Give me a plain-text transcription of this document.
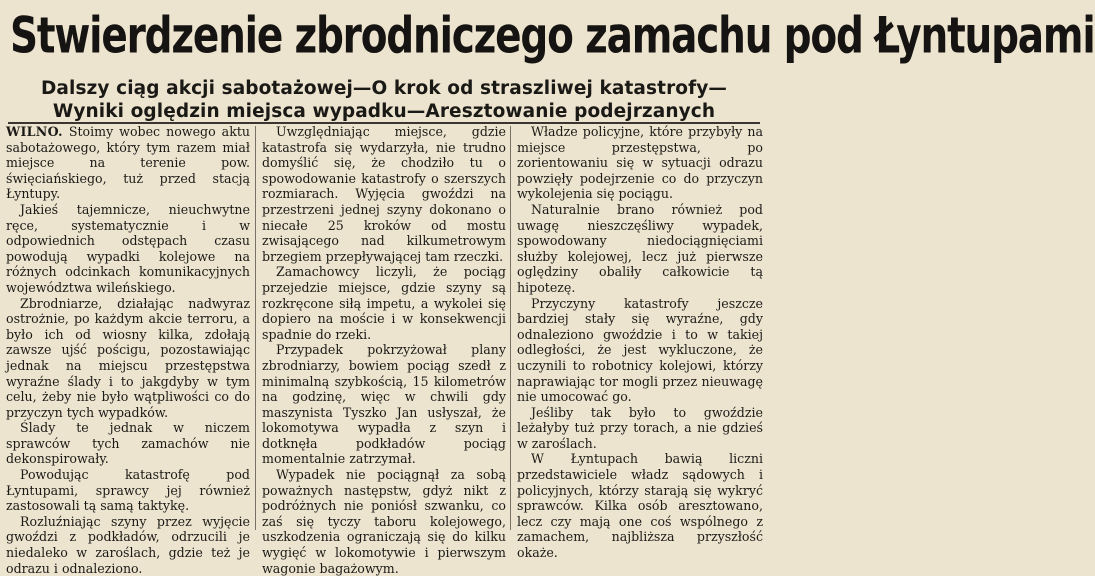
Stwierdzenie zbrodniczego zamachu pod Łyntupami
Dalszy ciąg akcji sabotażowej—O krok od straszliwej katastrofy—
Wyniki oględzin miejsca wypadku—Aresztowanie podejrzanych

WILNO. Stoimy wobec nowego aktu sabotażowego, który tym razem miał miejsce na terenie pow. święciańskiego, tuż przed stacją Łyntupy.

Jakieś tajemnicze, nieuchwytne ręce, systematycznie i w odpowiednich odstępach czasu powodują wypadki kolejowe na różnych odcinkach komunikacyjnych województwa wileńskiego.

Zbrodniarze, działając nadwyraz ostrożnie, po każdym akcie terroru, a było ich od wiosny kilka, zdołają zawsze ujść pościgu, pozostawiając jednak na miejscu przestępstwa wyraźne ślady i to jakgdyby w tym celu, żeby nie było wątpliwości co do przyczyn tych wypadków.

Ślady te jednak w niczem sprawców tych zamachów nie dekonspirowały.

Powodując katastrofę pod Łyntupami, sprawcy jej również zastosowali tą samą taktykę.

Rozluźniając szyny przez wyjęcie gwoździ z podkładów, odrzucili je niedaleko w zaroślach, gdzie też je odrazu i odnaleziono.

Uwzględniając miejsce, gdzie katastrofa się wydarzyła, nie trudno domyślić się, że chodziło tu o spowodowanie katastrofy o szerszych rozmiarach. Wyjęcia gwoździ na przestrzeni jednej szyny dokonano o niecałe 25 kroków od mostu zwisającego nad kilkumetrowym brzegiem przepływającej tam rzeczki.

Zamachowcy liczyli, że pociąg przejedzie miejsce, gdzie szyny są rozkręcone siłą impetu, a wykolei się dopiero na moście i w konsekwencji spadnie do rzeki.

Przypadek pokrzyżował plany zbrodniarzy, bowiem pociąg szedł z minimalną szybkością, 15 kilometrów na godzinę, więc w chwili gdy maszynista Tyszko Jan usłyszał, że lokomotywa wypadła z szyn i dotknęła podkładów pociąg momentalnie zatrzymał.

Wypadek nie pociągnął za sobą poważnych następstw, gdyż nikt z podróżnych nie poniósł szwanku, co zaś się tyczy taboru kolejowego, uszkodzenia ograniczają się do kilku wygięć w lokomotywie i pierwszym wagonie bagażowym.

Władze policyjne, które przybyły na miejsce przestępstwa, po zorientowaniu się w sytuacji odrazu powzięły podejrzenie co do przyczyn wykolejenia się pociągu.

Naturalnie brano również pod uwagę nieszczęśliwy wypadek, spowodowany niedociągnięciami służby kolejowej, lecz już pierwsze oględziny obaliły całkowicie tą hipotezę.

Przyczyny katastrofy jeszcze bardziej stały się wyraźne, gdy odnaleziono gwoździe i to w takiej odległości, że jest wykluczone, że uczynili to robotnicy kolejowi, którzy naprawiając tor mogli przez nieuwagę nie umocować go.

Jeśliby tak było to gwoździe leżałyby tuż przy torach, a nie gdzieś w zaroślach.

W Łyntupach bawią liczni przedstawiciele władz sądowych i policyjnych, którzy starają się wykryć sprawców. Kilka osób aresztowano, lecz czy mają one coś wspólnego z zamachem, najbliższa przyszłość okaże.
